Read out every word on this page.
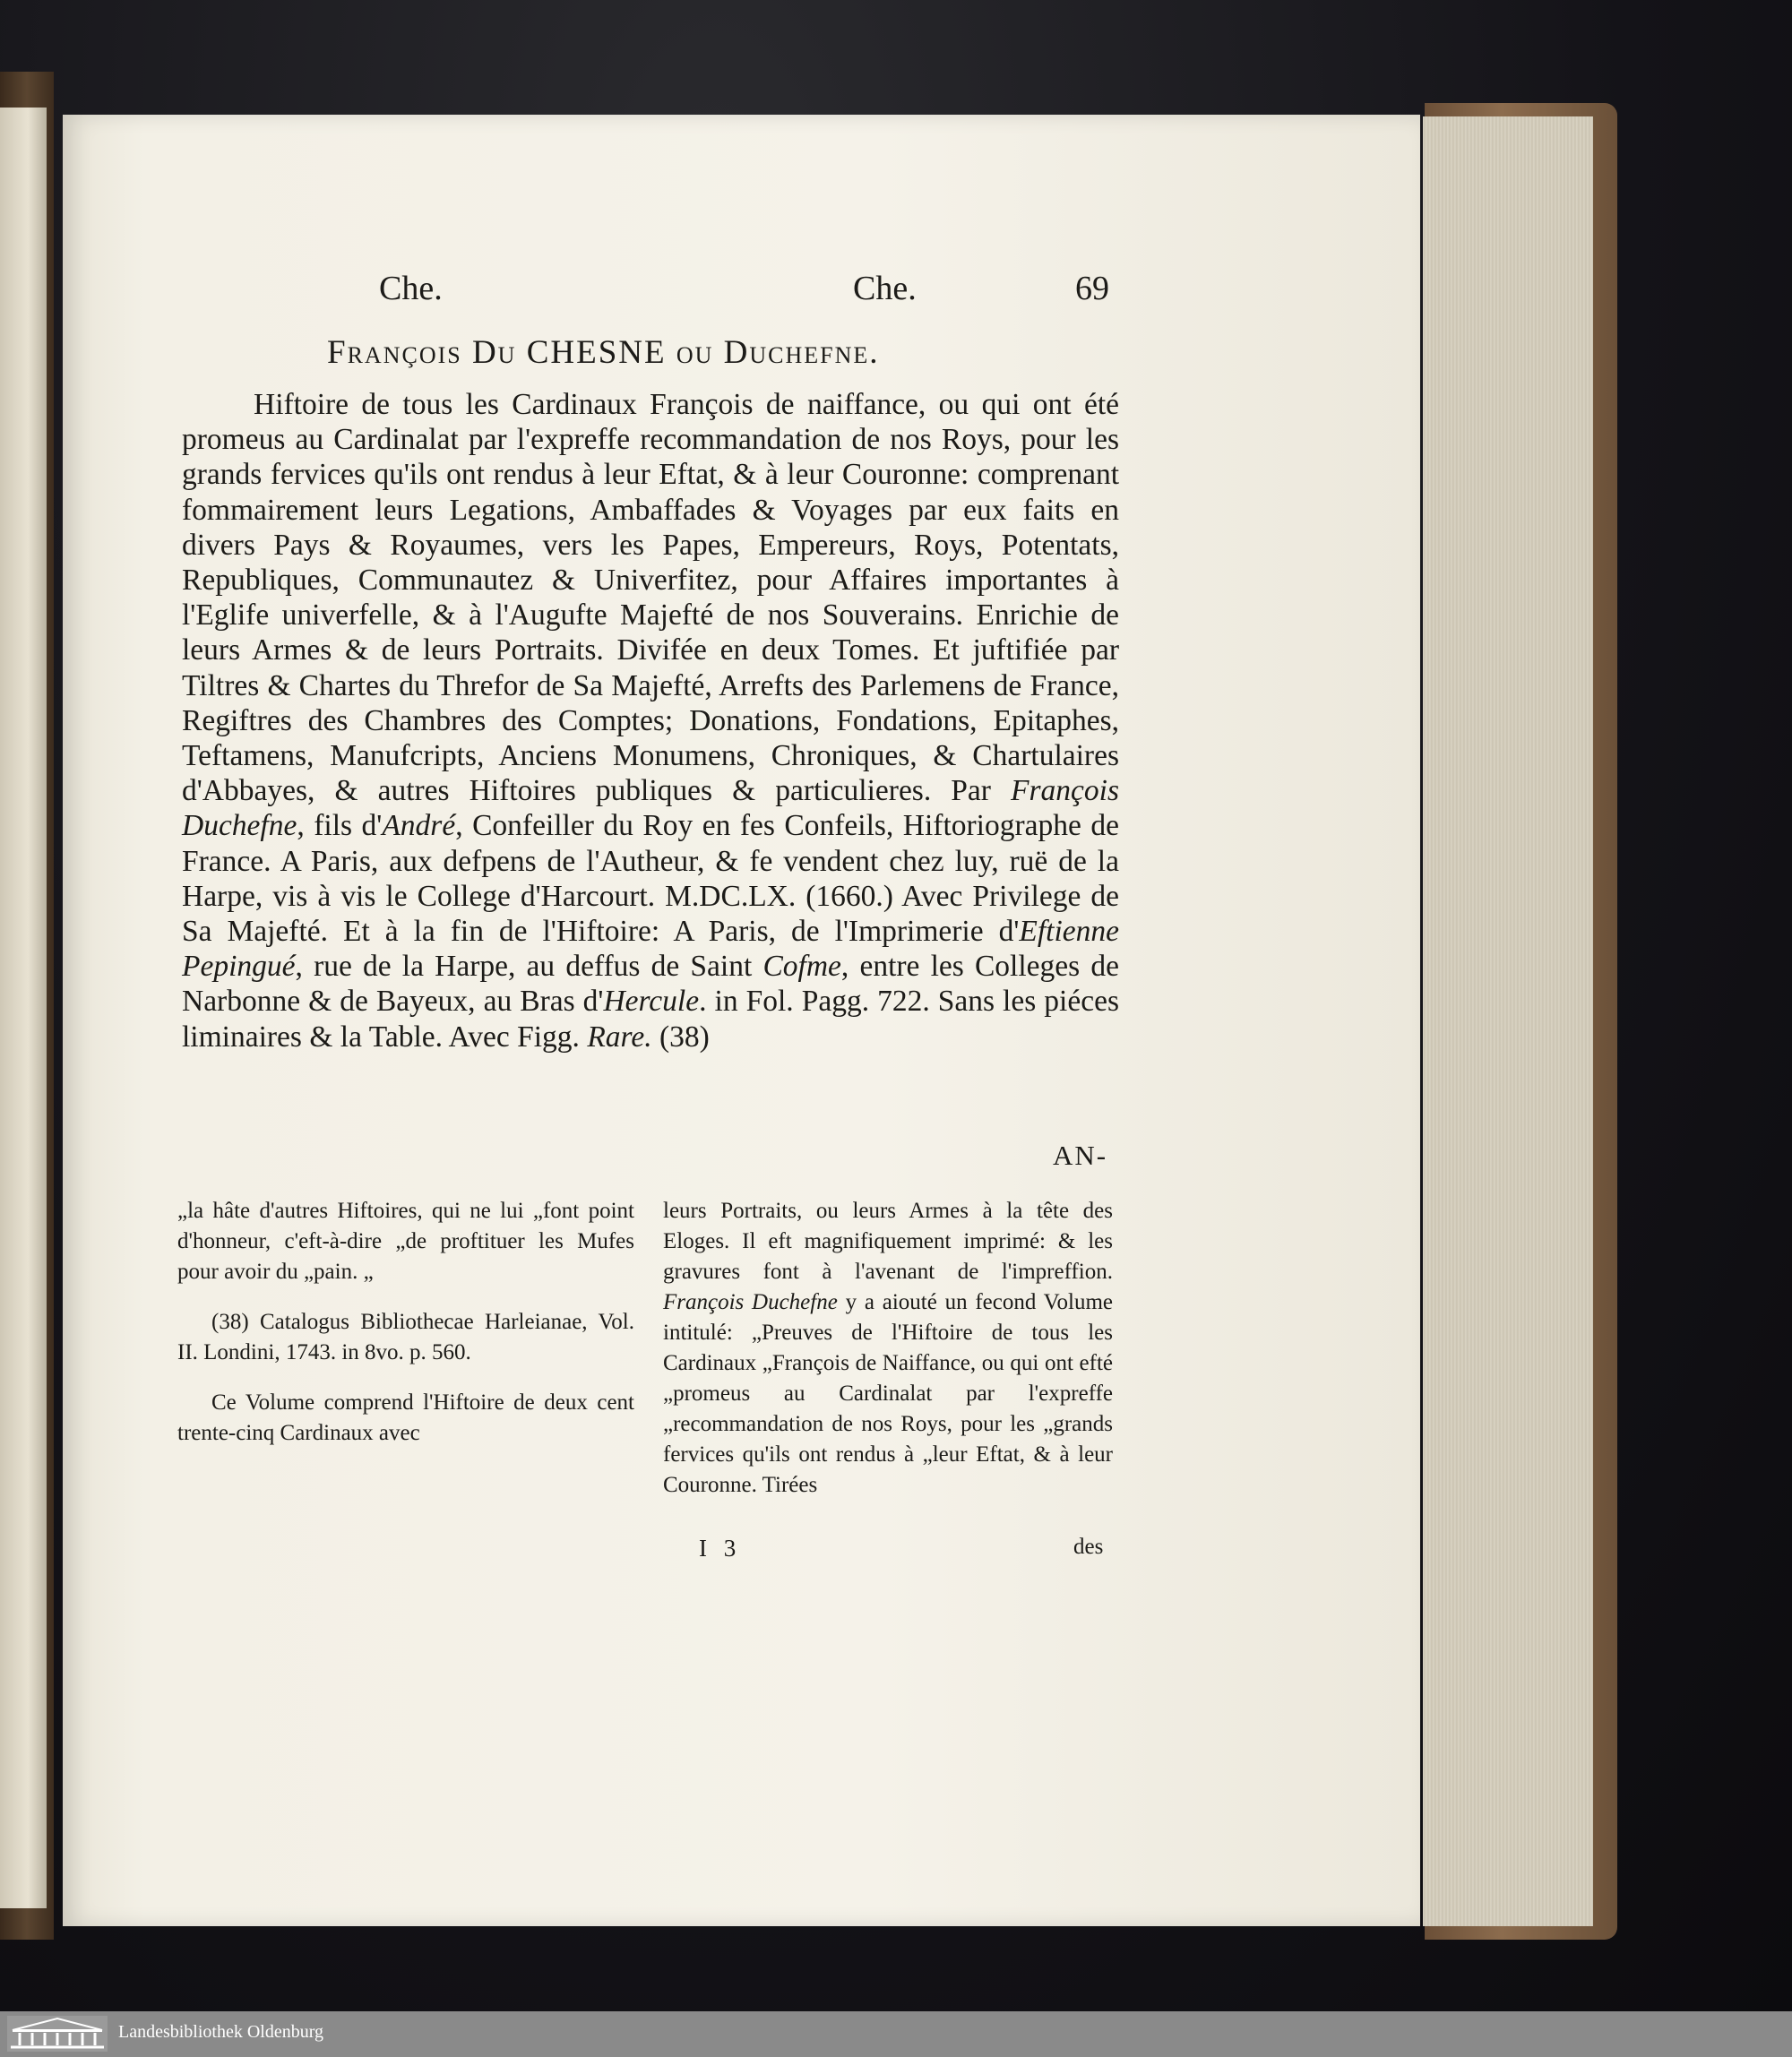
Che.	Che.	69
François Du CHESNE ou Duchefne.
Hiftoire de tous les Cardinaux François de naiffance, ou qui ont été promeus au Cardinalat par l'expreffe recommandation de nos Roys, pour les grands fervices qu'ils ont rendus à leur Eftat, & à leur Couronne: comprenant fommairement leurs Legations, Ambaffades & Voyages par eux faits en divers Pays & Royaumes, vers les Papes, Empereurs, Roys, Potentats, Republiques, Communautez & Univerfitez, pour Affaires importantes à l'Eglife univerfelle, & à l'Augufte Majefté de nos Souverains. Enrichie de leurs Armes & de leurs Portraits. Divifée en deux Tomes. Et juftifiée par Tiltres & Chartes du Threfor de Sa Majefté, Arrefts des Parlemens de France, Regiftres des Chambres des Comptes; Donations, Fondations, Epitaphes, Teftamens, Manufcripts, Anciens Monumens, Chroniques, & Chartulaires d'Abbayes, & autres Hiftoires publiques & particulieres. Par François Duchefne, fils d'André, Confeiller du Roy en fes Confeils, Hiftoriographe de France. A Paris, aux defpens de l'Autheur, & fe vendent chez luy, ruë de la Harpe, vis à vis le College d'Harcourt. M.DC.LX. (1660.) Avec Privilege de Sa Majefté. Et à la fin de l'Hiftoire: A Paris, de l'Imprimerie d'Eftienne Pepingué, rue de la Harpe, au deffus de Saint Cofme, entre les Colleges de Narbonne & de Bayeux, au Bras d'Hercule. in Fol. Pagg. 722. Sans les piéces liminaires & la Table. Avec Figg. Rare. (38)
AN-

„la hâte d'autres Hiftoires, qui ne lui „font point d'honneur, c'eft-à-dire „de proftituer les Mufes pour avoir du „pain. „

(38) Catalogus Bibliothecae Harleianae, Vol. II. Londini, 1743. in 8vo. p. 560.

Ce Volume comprend l'Hiftoire de deux cent trente-cinq Cardinaux avec

leurs Portraits, ou leurs Armes à la tête des Eloges. Il eft magnifiquement imprimé: & les gravures font à l'avenant de l'impreffion. François Duchefne y a aiouté un fecond Volume intitulé: „Preuves de l'Hiftoire de tous les Cardinaux „François de Naiffance, ou qui ont efté „promeus au Cardinalat par l'expreffe „recommandation de nos Roys, pour les „grands fervices qu'ils ont rendus à „leur Eftat, & à leur Couronne. Tirées

I 3	des
Landesbibliothek Oldenburg
